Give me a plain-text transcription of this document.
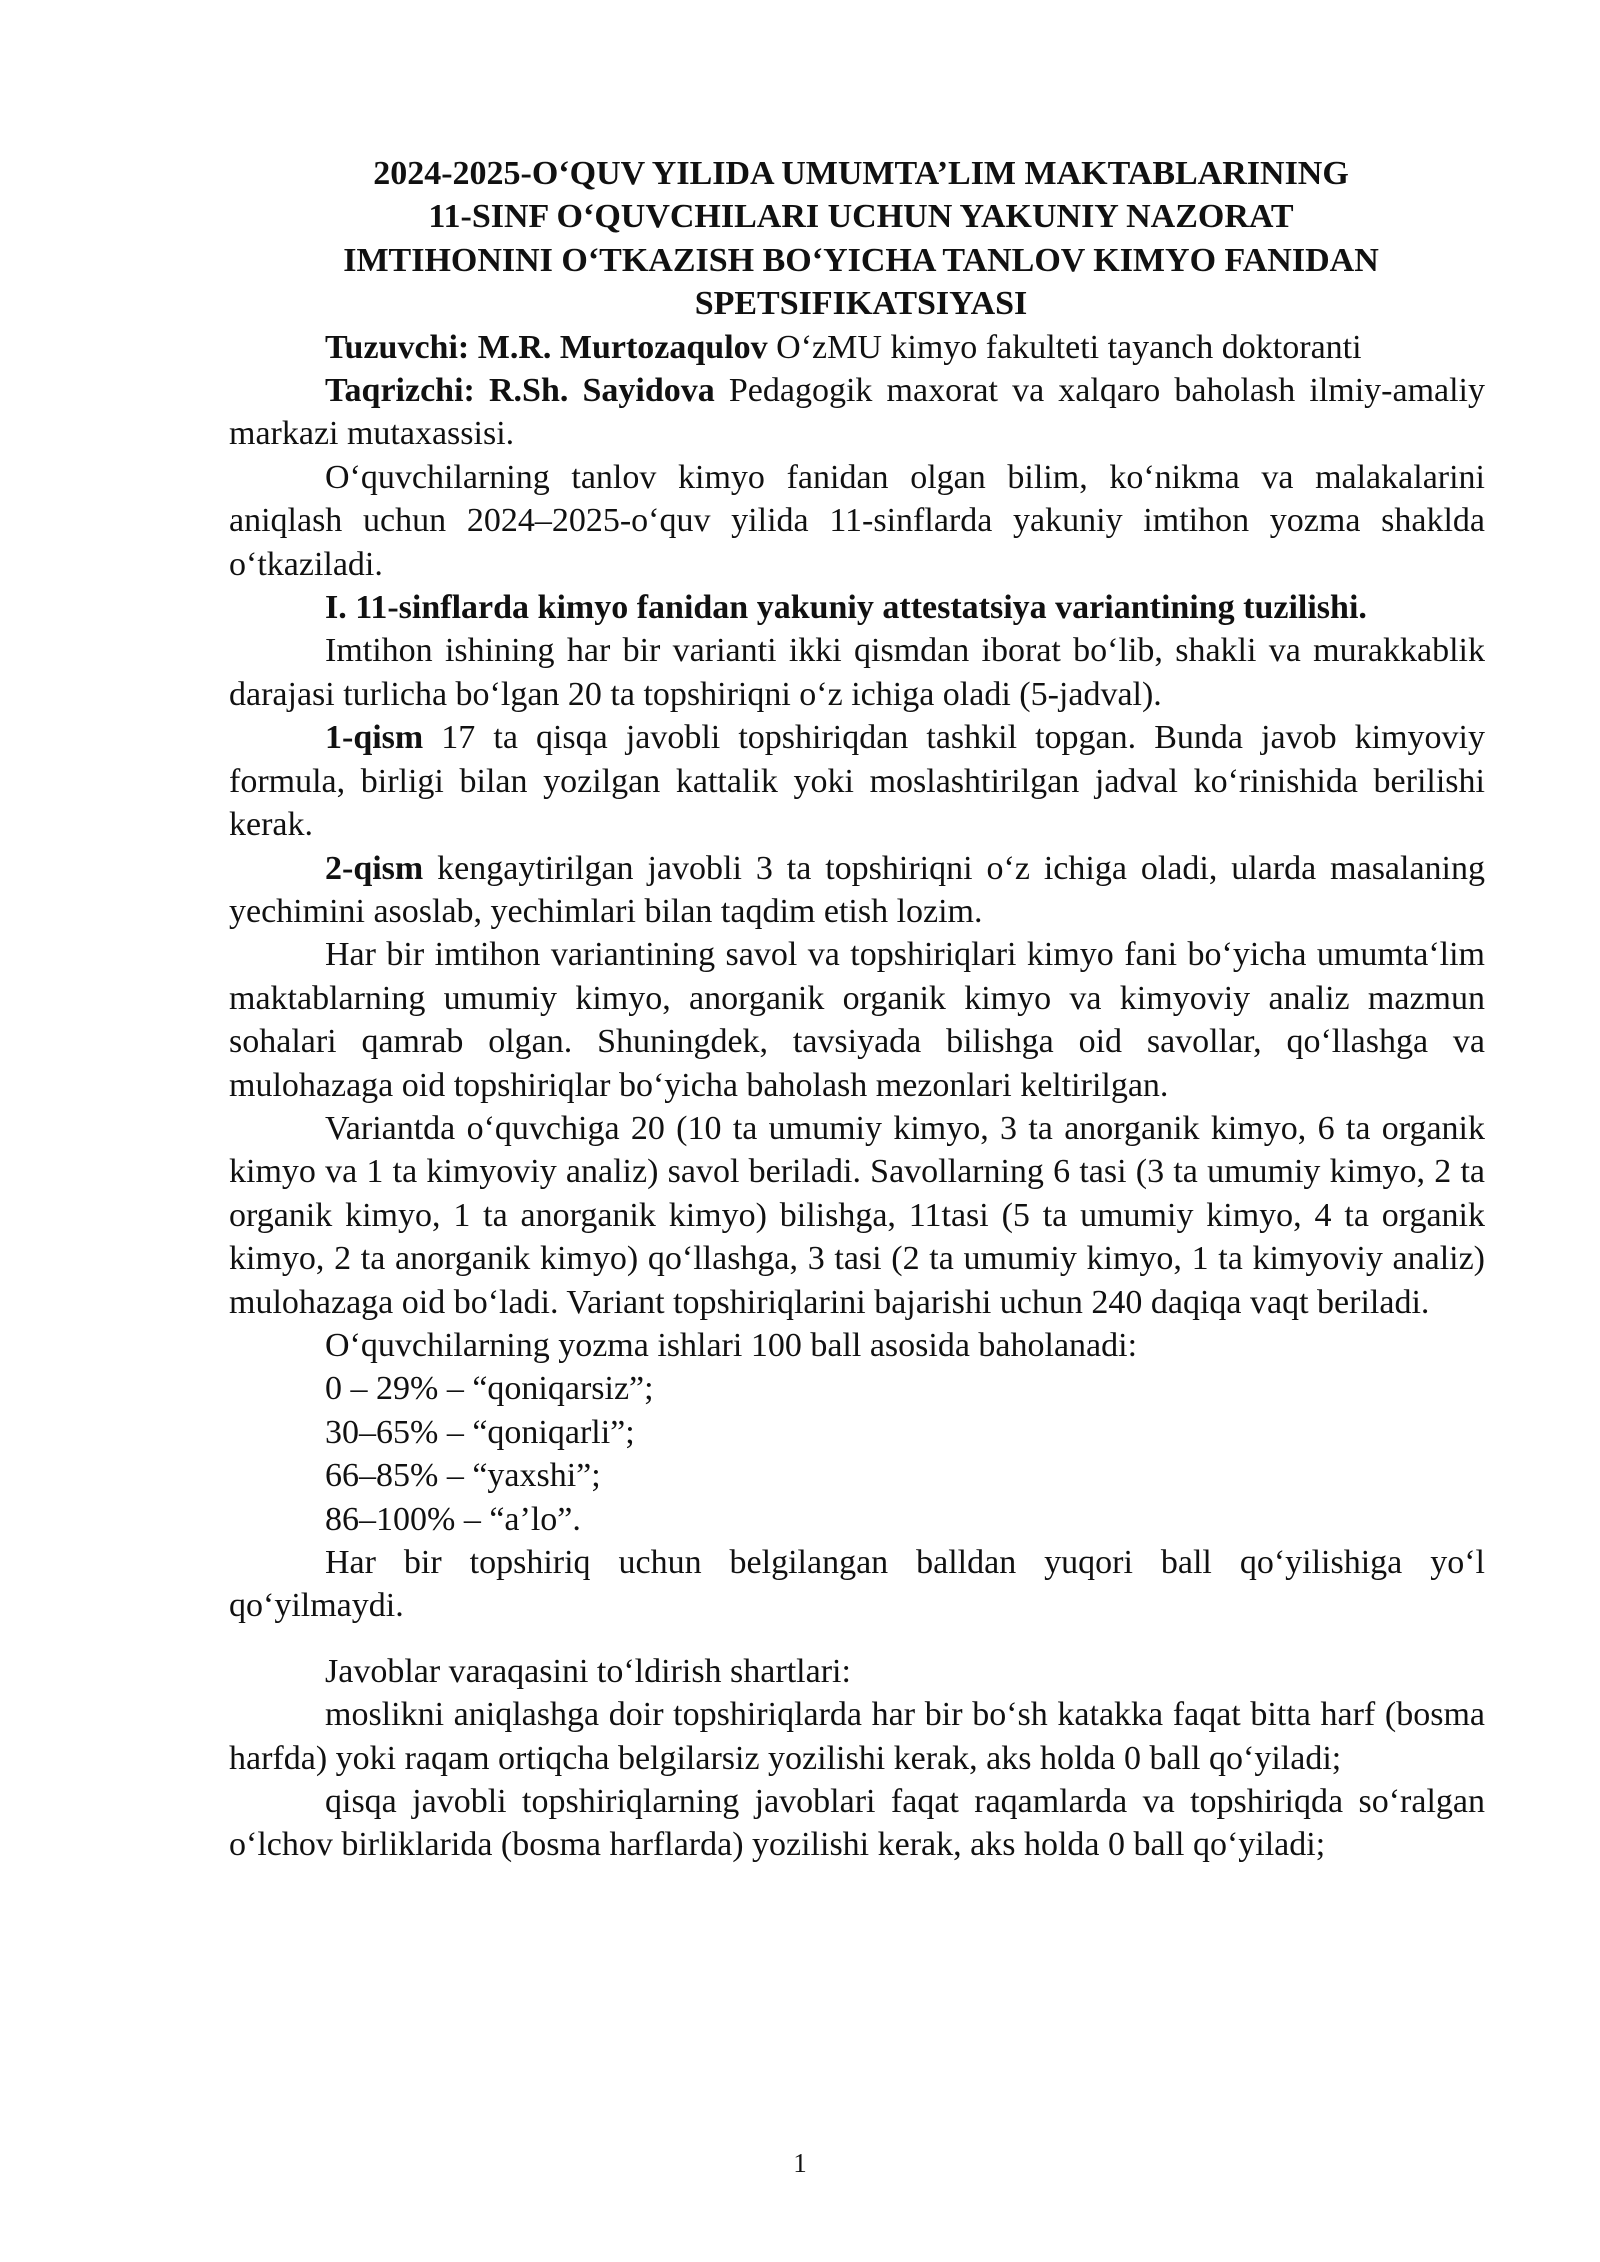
2024-2025-O‘QUV YILIDA UMUMTA’LIM MAKTABLARINING
11-SINF O‘QUVCHILARI UCHUN YAKUNIY NAZORAT
IMTIHONINI O‘TKAZISH BO‘YICHA TANLOV KIMYO FANIDAN
SPETSIFIKATSIYASI

Tuzuvchi: M.R. Murtozaqulov O‘zMU kimyo fakulteti tayanch doktoranti

Taqrizchi: R.Sh. Sayidova Pedagogik maxorat va xalqaro baholash ilmiy-amaliy markazi mutaxassisi.

O‘quvchilarning tanlov kimyo fanidan olgan bilim, ko‘nikma va malakalarini aniqlash uchun 2024–2025-o‘quv yilida 11-sinflarda yakuniy imtihon yozma shaklda o‘tkaziladi.

I. 11-sinflarda kimyo fanidan yakuniy attestatsiya variantining tuzilishi.

Imtihon ishining har bir varianti ikki qismdan iborat bo‘lib, shakli va murakkablik darajasi turlicha bo‘lgan 20 ta topshiriqni o‘z ichiga oladi (5-jadval).

1-qism 17 ta qisqa javobli topshiriqdan tashkil topgan. Bunda javob kimyoviy formula, birligi bilan yozilgan kattalik yoki moslashtirilgan jadval ko‘rinishida berilishi kerak.

2-qism kengaytirilgan javobli 3 ta topshiriqni o‘z ichiga oladi, ularda masalaning yechimini asoslab, yechimlari bilan taqdim etish lozim.

Har bir imtihon variantining savol va topshiriqlari kimyo fani bo‘yicha umumta‘lim maktablarning umumiy kimyo, anorganik organik kimyo va kimyoviy analiz mazmun sohalari qamrab olgan. Shuningdek, tavsiyada bilishga oid savollar, qo‘llashga va mulohazaga oid topshiriqlar bo‘yicha baholash mezonlari keltirilgan.

Variantda o‘quvchiga 20 (10 ta umumiy kimyo, 3 ta anorganik kimyo, 6 ta organik kimyo va 1 ta kimyoviy analiz) savol beriladi. Savollarning 6 tasi (3 ta umumiy kimyo, 2 ta organik kimyo, 1 ta anorganik kimyo) bilishga, 11tasi (5 ta umumiy kimyo, 4 ta organik kimyo, 2 ta anorganik kimyo) qo‘llashga, 3 tasi (2 ta umumiy kimyo, 1 ta kimyoviy analiz) mulohazaga oid bo‘ladi. Variant topshiriqlarini bajarishi uchun 240 daqiqa vaqt beriladi.

O‘quvchilarning yozma ishlari 100 ball asosida baholanadi:
0 – 29% – “qoniqarsiz”;
30–65% – “qoniqarli”;
66–85% – “yaxshi”;
86–100% – “a’lo”.

Har bir topshiriq uchun belgilangan balldan yuqori ball qo‘yilishiga yo‘l qo‘yilmaydi.

Javoblar varaqasini to‘ldirish shartlari:

moslikni aniqlashga doir topshiriqlarda har bir bo‘sh katakka faqat bitta harf (bosma harfda) yoki raqam ortiqcha belgilarsiz yozilishi kerak, aks holda 0 ball qo‘yiladi;

qisqa javobli topshiriqlarning javoblari faqat raqamlarda va topshiriqda so‘ralgan o‘lchov birliklarida (bosma harflarda) yozilishi kerak, aks holda 0 ball qo‘yiladi;

1
